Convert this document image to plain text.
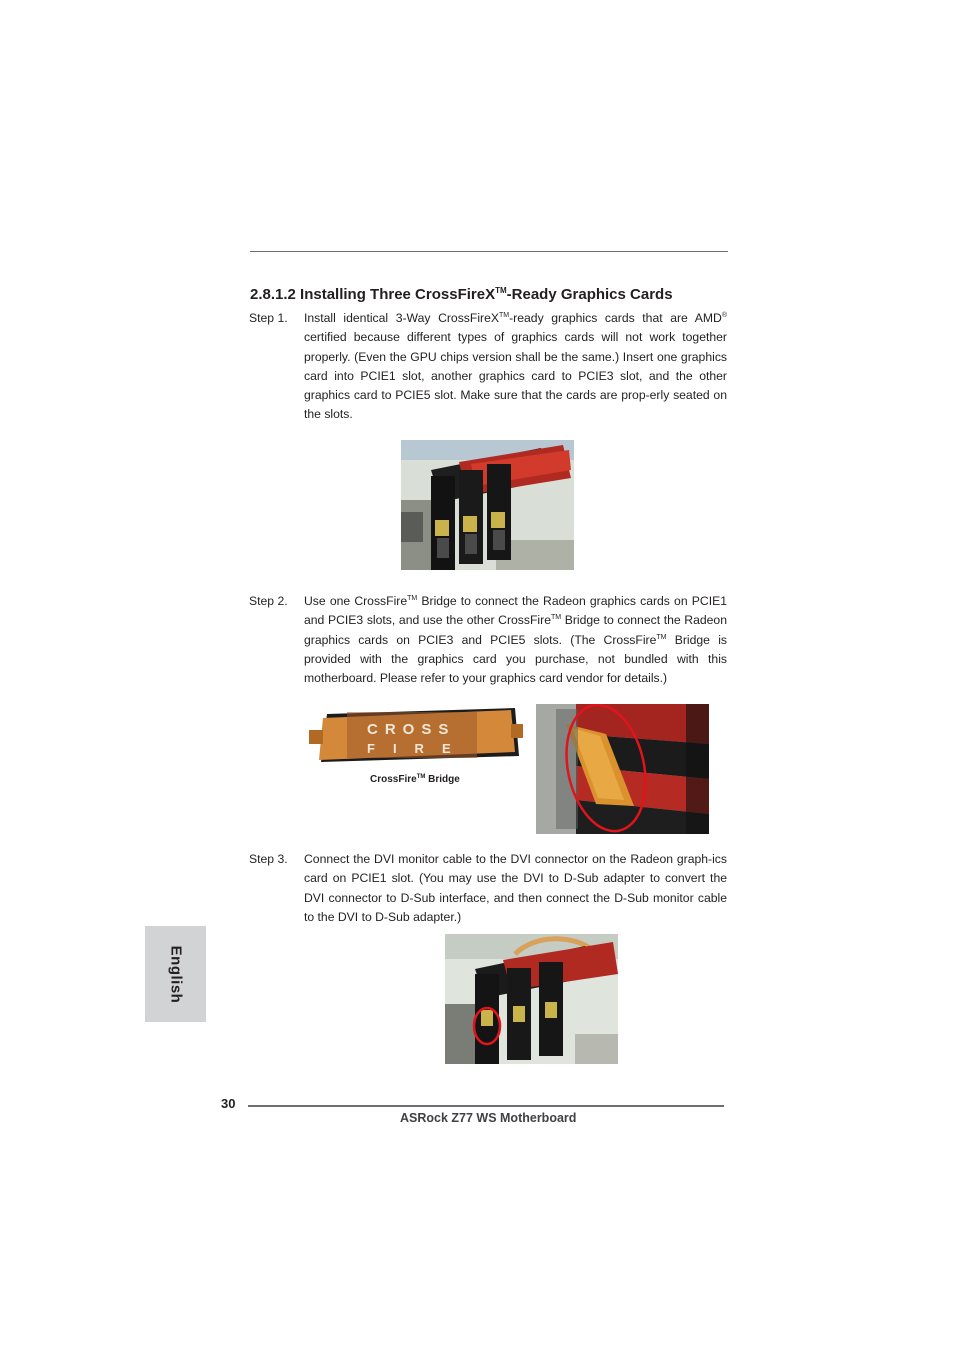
2.8.1.2 Installing Three CrossFireX™-Ready Graphics Cards
Step 1.	Install identical 3-Way CrossFireX™-ready graphics cards that are AMD® certified because different types of graphics cards will not work together properly. (Even the GPU chips version shall be the same.) Insert one graphics card into PCIE1 slot, another graphics card to PCIE3 slot, and the other graphics card to PCIE5 slot. Make sure that the cards are prop-erly seated on the slots.
Step 2.	Use one CrossFire™ Bridge to connect the Radeon graphics cards on PCIE1 and PCIE3 slots, and use the other CrossFire™ Bridge to connect the Radeon graphics cards on PCIE3 and PCIE5 slots. (The CrossFire™ Bridge is provided with the graphics card you purchase, not bundled with this motherboard. Please refer to your graphics card vendor for details.)
CROSS
FIRE
CrossFire™ Bridge
Step 3.	Connect the DVI monitor cable to the DVI connector on the Radeon graph-ics card on PCIE1 slot. (You may use the DVI to D-Sub adapter to convert the DVI connector to D-Sub interface, and then connect the D-Sub monitor cable to the DVI to D-Sub adapter.)
English
30
ASRock Z77 WS Motherboard
